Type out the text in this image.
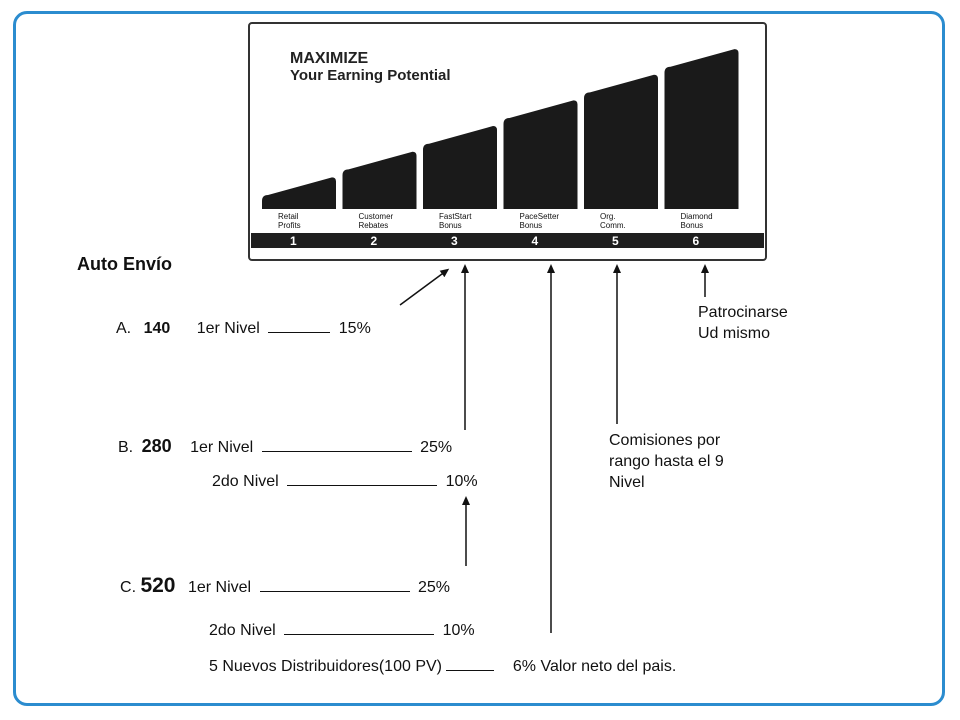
MAXIMIZE
Your Earning Potential
Retail
Profits
Customer
Rebates
FastStart
Bonus
PaceSetter
Bonus
Org.
Comm.
Diamond
Bonus
1	2	3	4	5	6
Auto Envío
A. 140 1er Nivel	15%
B. 280 1er Nivel	25%
2do Nivel	10%
C. 520 1er Nivel	25%
2do Nivel	10%
5 Nuevos Distribuidores(100 PV)	6% Valor neto del pais.
Patrocinarse
Ud mismo
Comisiones por
rango hasta el 9
Nivel
